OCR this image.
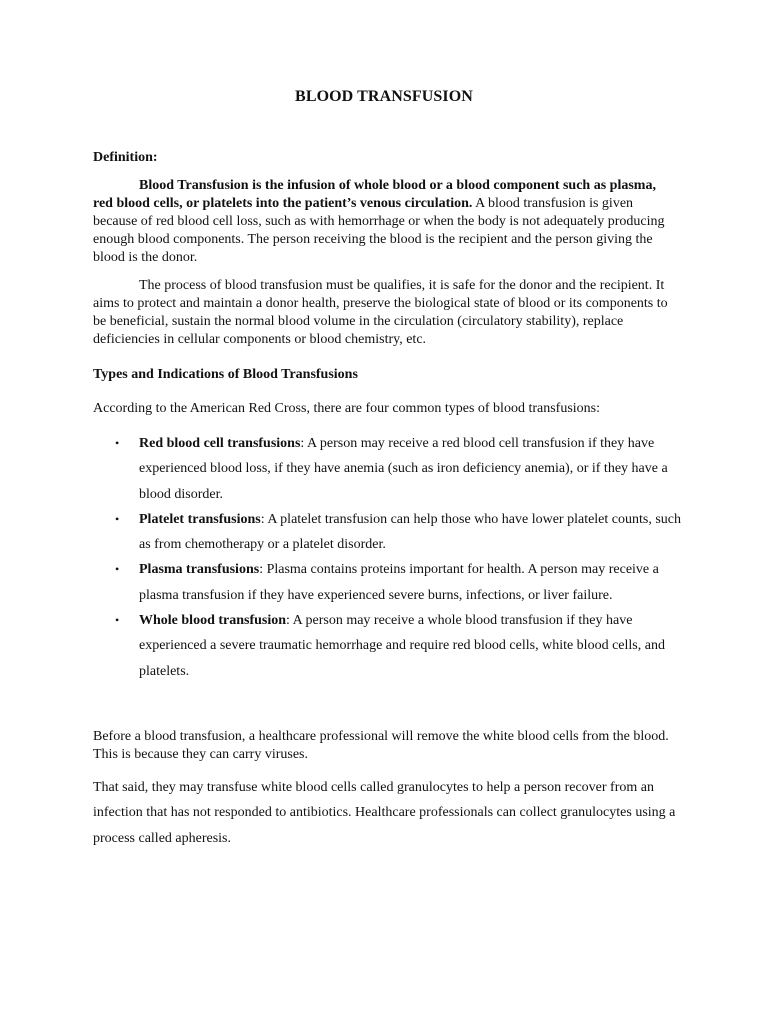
BLOOD TRANSFUSION
Definition:
Blood Transfusion is the infusion of whole blood or a blood component such as plasma, red blood cells, or platelets into the patient’s venous circulation. A blood transfusion is given because of red blood cell loss, such as with hemorrhage or when the body is not adequately producing enough blood components. The person receiving the blood is the recipient and the person giving the blood is the donor.
The process of blood transfusion must be qualifies, it is safe for the donor and the recipient. It aims to protect and maintain a donor health, preserve the biological state of blood or its components to be beneficial, sustain the normal blood volume in the circulation (circulatory stability), replace deficiencies in cellular components or blood chemistry, etc.
Types and Indications of Blood Transfusions
According to the American Red Cross, there are four common types of blood transfusions:
• Red blood cell transfusions: A person may receive a red blood cell transfusion if they have experienced blood loss, if they have anemia (such as iron deficiency anemia), or if they have a blood disorder.
• Platelet transfusions: A platelet transfusion can help those who have lower platelet counts, such as from chemotherapy or a platelet disorder.
• Plasma transfusions: Plasma contains proteins important for health. A person may receive a plasma transfusion if they have experienced severe burns, infections, or liver failure.
• Whole blood transfusion: A person may receive a whole blood transfusion if they have experienced a severe traumatic hemorrhage and require red blood cells, white blood cells, and platelets.
Before a blood transfusion, a healthcare professional will remove the white blood cells from the blood. This is because they can carry viruses.
That said, they may transfuse white blood cells called granulocytes to help a person recover from an infection that has not responded to antibiotics. Healthcare professionals can collect granulocytes using a process called apheresis.
